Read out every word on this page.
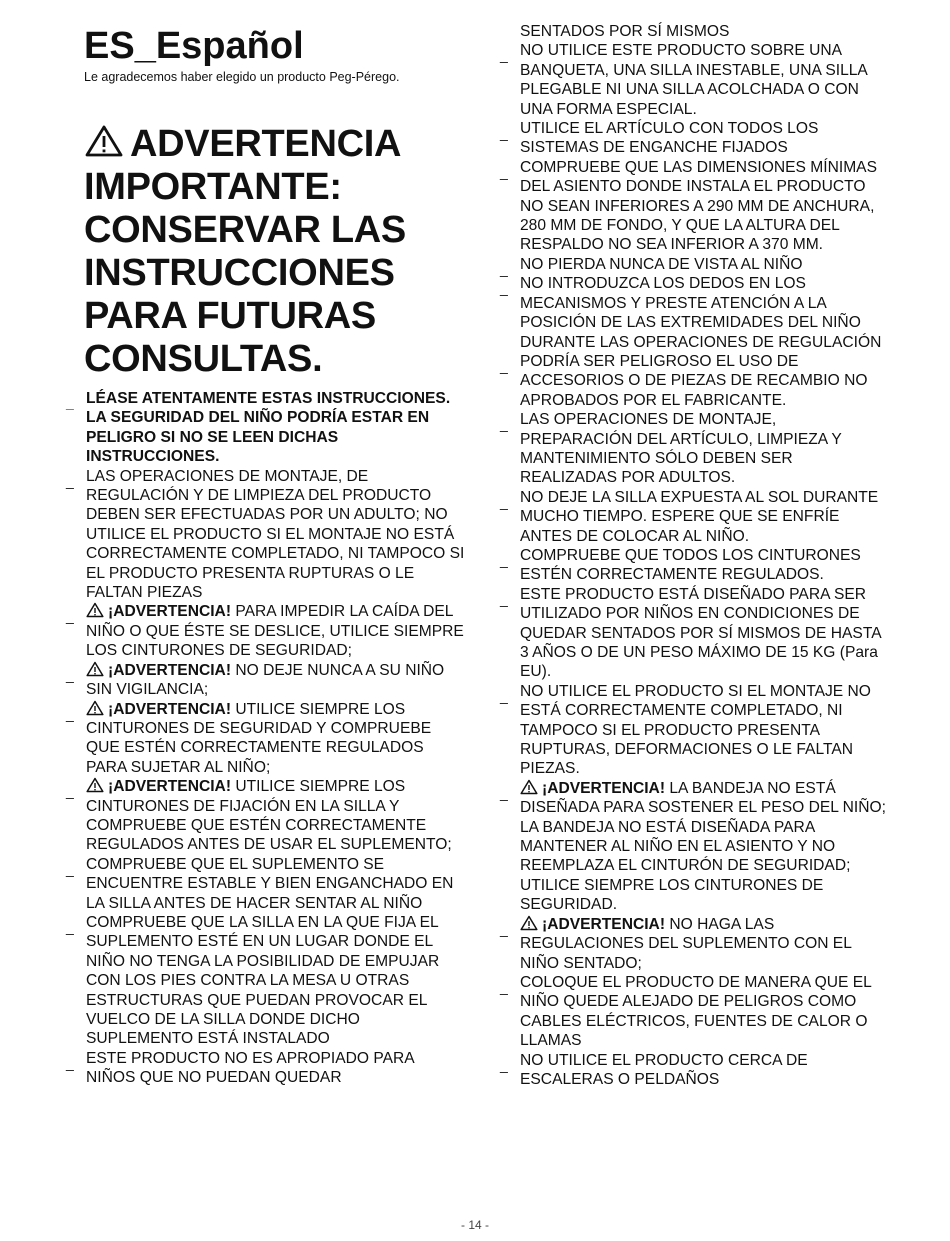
ES_Español
Le agradecemos haber elegido un producto Peg-Pérego.
ADVERTENCIA
IMPORTANTE:
CONSERVAR LAS
INSTRUCCIONES
PARA FUTURAS
CONSULTAS.
_ LÉASE ATENTAMENTE ESTAS INSTRUCCIONES. LA SEGURIDAD DEL NIÑO PODRÍA ESTAR EN PELIGRO SI NO SE LEEN DICHAS INSTRUCCIONES.
_ LAS OPERACIONES DE MONTAJE, DE REGULACIÓN Y DE LIMPIEZA DEL PRODUCTO DEBEN SER EFECTUADAS POR UN ADULTO; NO UTILICE EL PRODUCTO SI EL MONTAJE NO ESTÁ CORRECTAMENTE COMPLETADO, NI TAMPOCO SI EL PRODUCTO PRESENTA RUPTURAS O LE FALTAN PIEZAS
_ ¡ADVERTENCIA! PARA IMPEDIR LA CAÍDA DEL NIÑO O QUE ÉSTE SE DESLICE, UTILICE SIEMPRE LOS CINTURONES DE SEGURIDAD;
_ ¡ADVERTENCIA! NO DEJE NUNCA A SU NIÑO SIN VIGILANCIA;
_ ¡ADVERTENCIA! UTILICE SIEMPRE LOS CINTURONES DE SEGURIDAD Y COMPRUEBE QUE ESTÉN CORRECTAMENTE REGULADOS PARA SUJETAR AL NIÑO;
_ ¡ADVERTENCIA! UTILICE SIEMPRE LOS CINTURONES DE FIJACIÓN EN LA SILLA Y COMPRUEBE QUE ESTÉN CORRECTAMENTE REGULADOS ANTES DE USAR EL SUPLEMENTO;
_ COMPRUEBE QUE EL SUPLEMENTO SE ENCUENTRE ESTABLE Y BIEN ENGANCHADO EN LA SILLA ANTES DE HACER SENTAR AL NIÑO
_ COMPRUEBE QUE LA SILLA EN LA QUE FIJA EL SUPLEMENTO ESTÉ EN UN LUGAR DONDE EL NIÑO NO TENGA LA POSIBILIDAD DE EMPUJAR CON LOS PIES CONTRA LA MESA U OTRAS ESTRUCTURAS QUE PUEDAN PROVOCAR EL VUELCO DE LA SILLA DONDE DICHO SUPLEMENTO ESTÁ INSTALADO
_ ESTE PRODUCTO NO ES APROPIADO PARA NIÑOS QUE NO PUEDAN QUEDAR
SENTADOS POR SÍ MISMOS
_ NO UTILICE ESTE PRODUCTO SOBRE UNA BANQUETA, UNA SILLA INESTABLE, UNA SILLA PLEGABLE NI UNA SILLA ACOLCHADA O CON UNA FORMA ESPECIAL.
_ UTILICE EL ARTÍCULO CON TODOS LOS SISTEMAS DE ENGANCHE FIJADOS
_ COMPRUEBE QUE LAS DIMENSIONES MÍNIMAS DEL ASIENTO DONDE INSTALA EL PRODUCTO NO SEAN INFERIORES A 290 MM DE ANCHURA, 280 MM DE FONDO, Y QUE LA ALTURA DEL RESPALDO NO SEA INFERIOR A 370 MM.
_ NO PIERDA NUNCA DE VISTA AL NIÑO
_ NO INTRODUZCA LOS DEDOS EN LOS MECANISMOS Y PRESTE ATENCIÓN A LA POSICIÓN DE LAS EXTREMIDADES DEL NIÑO DURANTE LAS OPERACIONES DE REGULACIÓN
_ PODRÍA SER PELIGROSO EL USO DE ACCESORIOS O DE PIEZAS DE RECAMBIO NO APROBADOS POR EL FABRICANTE.
_ LAS OPERACIONES DE MONTAJE, PREPARACIÓN DEL ARTÍCULO, LIMPIEZA Y MANTENIMIENTO SÓLO DEBEN SER REALIZADAS POR ADULTOS.
_ NO DEJE LA SILLA EXPUESTA AL SOL DURANTE MUCHO TIEMPO. ESPERE QUE SE ENFRÍE ANTES DE COLOCAR AL NIÑO.
_ COMPRUEBE QUE TODOS LOS CINTURONES ESTÉN CORRECTAMENTE REGULADOS.
_ ESTE PRODUCTO ESTÁ DISEÑADO PARA SER UTILIZADO POR NIÑOS EN CONDICIONES DE QUEDAR SENTADOS POR SÍ MISMOS DE HASTA 3 AÑOS O DE UN PESO MÁXIMO DE 15 KG (Para EU).
_ NO UTILICE EL PRODUCTO SI EL MONTAJE NO ESTÁ CORRECTAMENTE COMPLETADO, NI TAMPOCO SI EL PRODUCTO PRESENTA RUPTURAS, DEFORMACIONES O LE FALTAN PIEZAS.
_ ¡ADVERTENCIA! LA BANDEJA NO ESTÁ DISEÑADA PARA SOSTENER EL PESO DEL NIÑO; LA BANDEJA NO ESTÁ DISEÑADA PARA MANTENER AL NIÑO EN EL ASIENTO Y NO REEMPLAZA EL CINTURÓN DE SEGURIDAD; UTILICE SIEMPRE LOS CINTURONES DE SEGURIDAD.
_ ¡ADVERTENCIA! NO HAGA LAS REGULACIONES DEL SUPLEMENTO CON EL NIÑO SENTADO;
_ COLOQUE EL PRODUCTO DE MANERA QUE EL NIÑO QUEDE ALEJADO DE PELIGROS COMO CABLES ELÉCTRICOS, FUENTES DE CALOR O LLAMAS
_ NO UTILICE EL PRODUCTO CERCA DE ESCALERAS O PELDAÑOS
- 14 -
